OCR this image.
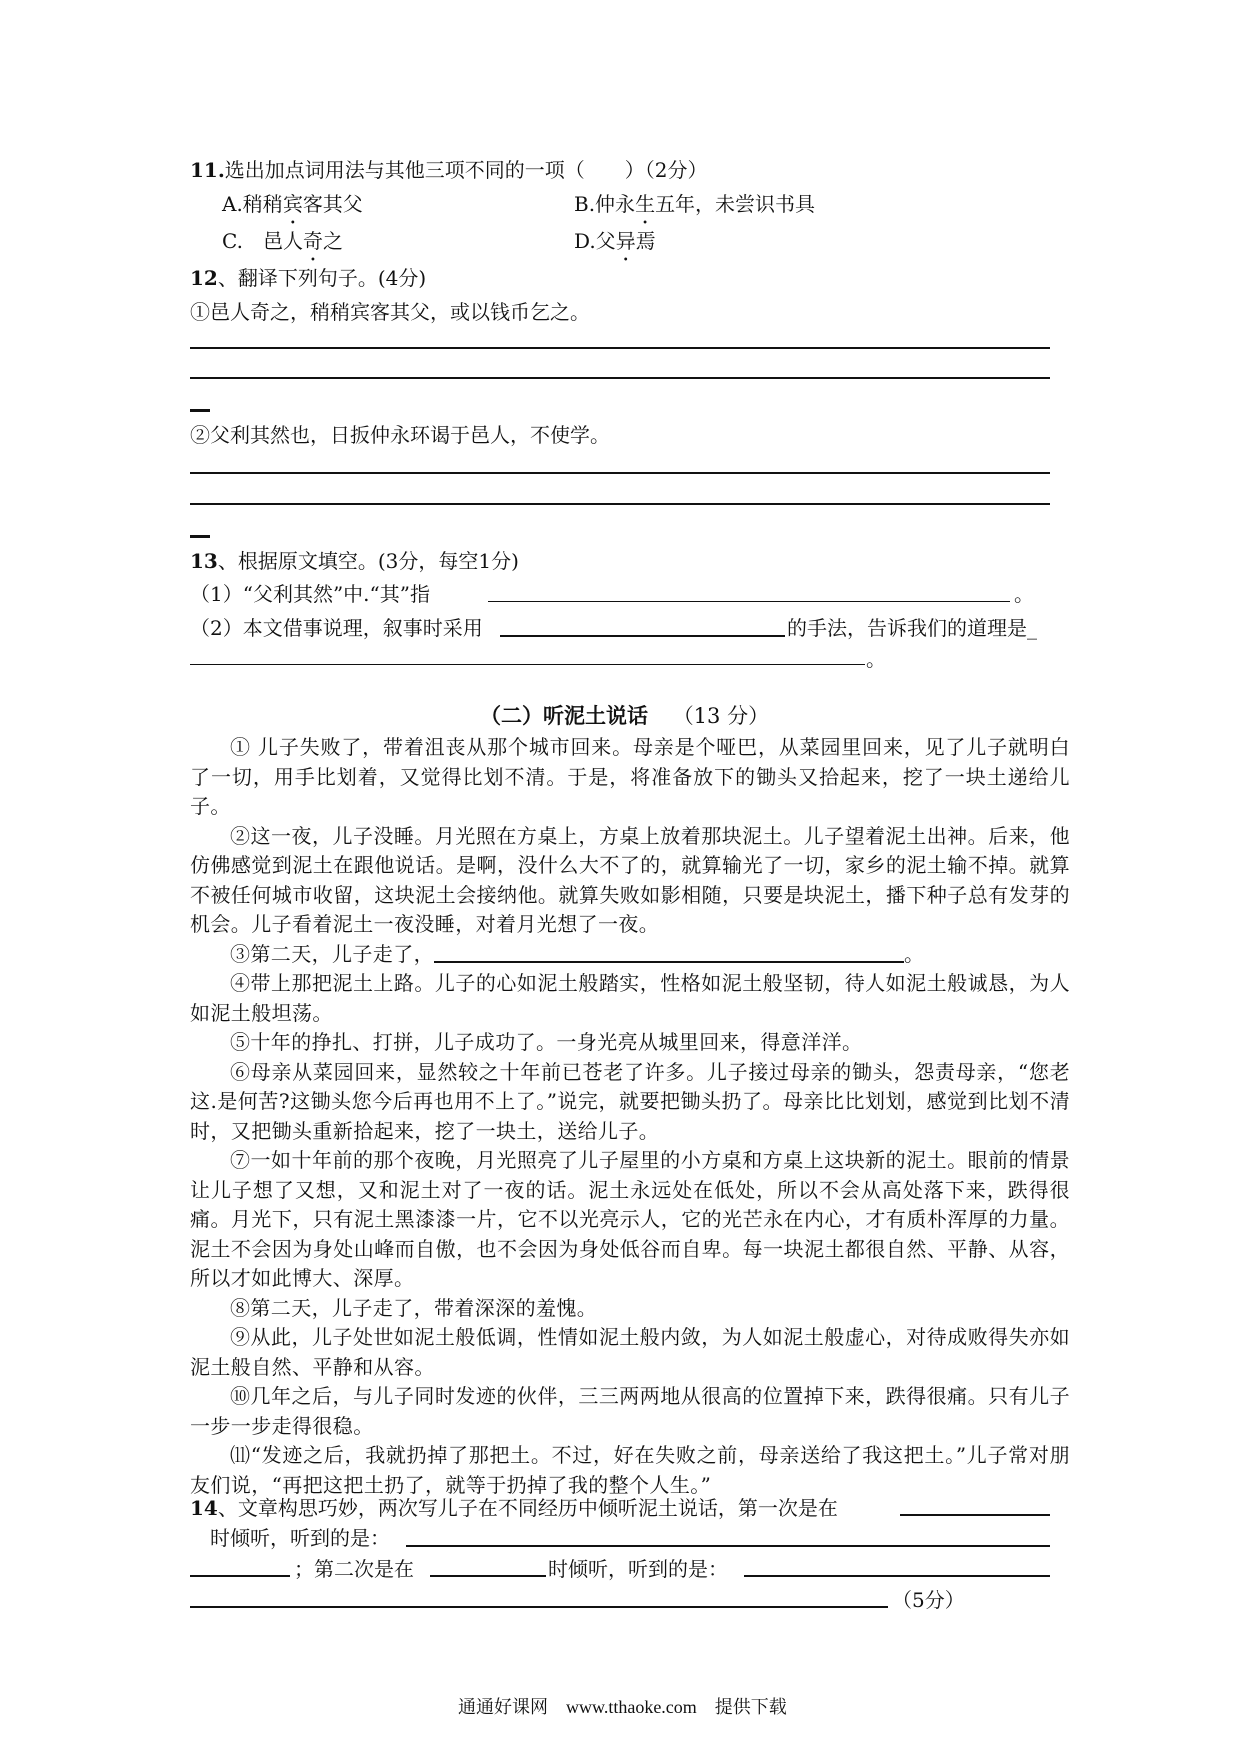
11.选出加点词用法与其他三项不同的一项（　　）（2分）
A.稍稍宾客其父	B.仲永生五年，未尝识书具
C.　邑人奇之	D.父异焉
12、翻译下列句子。(4分)
①邑人奇之，稍稍宾客其父，或以钱币乞之。
②父利其然也，日扳仲永环谒于邑人，不使学。
13、根据原文填空。(3分，每空1分)
（1）“父利其然”中.“其”指	。
（2）本文借事说理，叙事时采用	的手法，告诉我们的道理是_
。
（二）听泥土说话 （13 分）

① 儿子失败了，带着沮丧从那个城市回来。母亲是个哑巴，从菜园里回来，见了儿子就明白了一切，用手比划着，又觉得比划不清。于是，将准备放下的锄头又拾起来，挖了一块土递给儿子。

②这一夜，儿子没睡。月光照在方桌上，方桌上放着那块泥土。儿子望着泥土出神。后来，他仿佛感觉到泥土在跟他说话。是啊，没什么大不了的，就算输光了一切，家乡的泥土输不掉。就算不被任何城市收留，这块泥土会接纳他。就算失败如影相随，只要是块泥土，播下种子总有发芽的机会。儿子看着泥土一夜没睡，对着月光想了一夜。

③第二天，儿子走了，	。

④带上那把泥土上路。儿子的心如泥土般踏实，性格如泥土般坚韧，待人如泥土般诚恳，为人如泥土般坦荡。

⑤十年的挣扎、打拼，儿子成功了。一身光亮从城里回来，得意洋洋。

⑥母亲从菜园回来，显然较之十年前已苍老了许多。儿子接过母亲的锄头，怨责母亲，“您老这.是何苦?这锄头您今后再也用不上了。”说完，就要把锄头扔了。母亲比比划划，感觉到比划不清时，又把锄头重新拾起来，挖了一块土，送给儿子。

⑦一如十年前的那个夜晚，月光照亮了儿子屋里的小方桌和方桌上这块新的泥土。眼前的情景让儿子想了又想，又和泥土对了一夜的话。泥土永远处在低处，所以不会从高处落下来，跌得很痛。月光下，只有泥土黑漆漆一片，它不以光亮示人，它的光芒永在内心，才有质朴浑厚的力量。泥土不会因为身处山峰而自傲，也不会因为身处低谷而自卑。每一块泥土都很自然、平静、从容，所以才如此博大、深厚。

⑧第二天，儿子走了，带着深深的羞愧。

⑨从此，儿子处世如泥土般低调，性情如泥土般内敛，为人如泥土般虚心，对待成败得失亦如泥土般自然、平静和从容。

⑩几年之后，与儿子同时发迹的伙伴，三三两两地从很高的位置掉下来，跌得很痛。只有儿子一步一步走得很稳。

⑾“发迹之后，我就扔掉了那把土。不过，好在失败之前，母亲送给了我这把土。”儿子常对朋友们说，“再把这把土扔了，就等于扔掉了我的整个人生。”

14、文章构思巧妙，两次写儿子在不同经历中倾听泥土说话，第一次是在
时倾听，听到的是：
；第二次是在	时倾听，听到的是：
（5分）
通通好课网　www.tthaoke.com　提供下载
